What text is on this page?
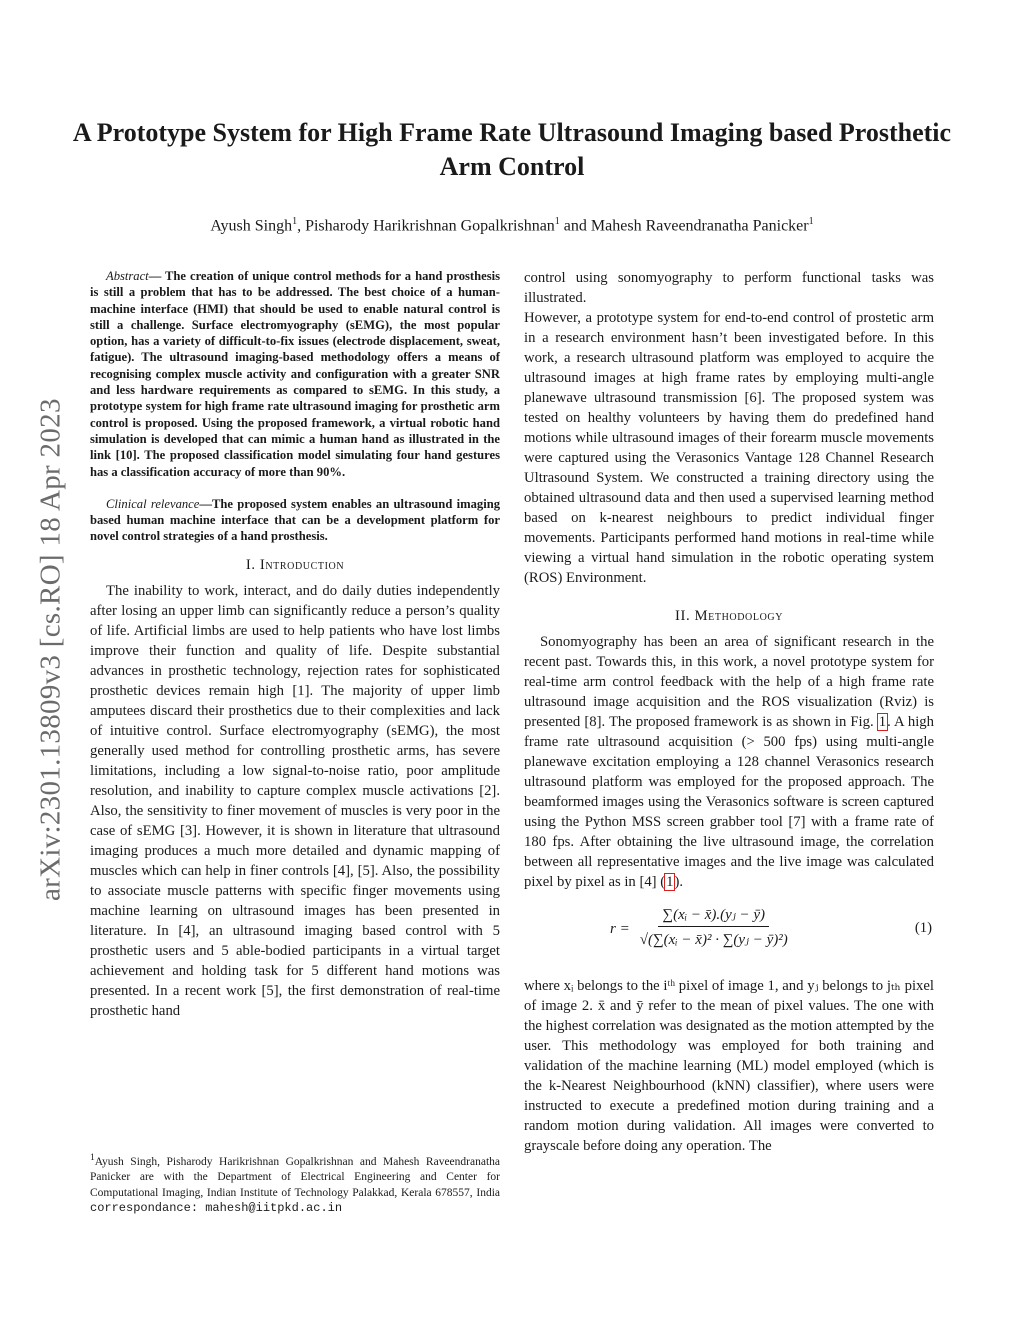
arXiv:2301.13809v3 [cs.RO] 18 Apr 2023
A Prototype System for High Frame Rate Ultrasound Imaging based Prosthetic Arm Control

Ayush Singh$^1$, Pisharody Harikrishnan Gopalkrishnan$^1$ and Mahesh Raveendranatha Panicker$^1$

Abstract— The creation of unique control methods for a hand prosthesis is still a problem that has to be addressed. The best choice of a human-machine interface (HMI) that should be used to enable natural control is still a challenge. Surface electromyography (sEMG), the most popular option, has a variety of difficult-to-fix issues (electrode displacement, sweat, fatigue). The ultrasound imaging-based methodology offers a means of recognising complex muscle activity and configuration with a greater SNR and less hardware requirements as compared to sEMG. In this study, a prototype system for high frame rate ultrasound imaging for prosthetic arm control is proposed. Using the proposed framework, a virtual robotic hand simulation is developed that can mimic a human hand as illustrated in the link [10]. The proposed classification model simulating four hand gestures has a classification accuracy of more than 90%.

Clinical relevance—The proposed system enables an ultrasound imaging based human machine interface that can be a development platform for novel control strategies of a hand prosthesis.

I. Introduction

The inability to work, interact, and do daily duties independently after losing an upper limb can significantly reduce a person’s quality of life. Artificial limbs are used to help patients who have lost limbs improve their function and quality of life. Despite substantial advances in prosthetic technology, rejection rates for sophisticated prosthetic devices remain high [1]. The majority of upper limb amputees discard their prosthetics due to their complexities and lack of intuitive control. Surface electromyography (sEMG), the most generally used method for controlling prosthetic arms, has severe limitations, including a low signal-to-noise ratio, poor amplitude resolution, and inability to capture complex muscle activations [2]. Also, the sensitivity to finer movement of muscles is very poor in the case of sEMG [3]. However, it is shown in literature that ultrasound imaging produces a much more detailed and dynamic mapping of muscles which can help in finer controls [4], [5]. Also, the possibility to associate muscle patterns with specific finger movements using machine learning on ultrasound images has been presented in literature. In [4], an ultrasound imaging based control with 5 prosthetic users and 5 able-bodied participants in a virtual target achievement and holding task for 5 different hand motions was presented. In a recent work [5], the first demonstration of real-time prosthetic hand

$^1$Ayush Singh, Pisharody Harikrishnan Gopalkrishnan and Mahesh Raveendranatha Panicker are with the Department of Electrical Engineering and Center for Computational Imaging, Indian Institute of Technology Palakkad, Kerala 678557, India correspondance: mahesh@iitpkd.ac.in

control using sonomyography to perform functional tasks was illustrated.

However, a prototype system for end-to-end control of prostetic arm in a research environment hasn’t been investigated before. In this work, a research ultrasound platform was employed to acquire the ultrasound images at high frame rates by employing multi-angle planewave ultrasound transmission [6]. The proposed system was tested on healthy volunteers by having them do predefined hand motions while ultrasound images of their forearm muscle movements were captured using the Verasonics Vantage 128 Channel Research Ultrasound System. We constructed a training directory using the obtained ultrasound data and then used a supervised learning method based on k-nearest neighbours to predict individual finger movements. Participants performed hand motions in real-time while viewing a virtual hand simulation in the robotic operating system (ROS) Environment.

II. Methodology

Sonomyography has been an area of significant research in the recent past. Towards this, in this work, a novel prototype system for real-time arm control feedback with the help of a high frame rate ultrasound image acquisition and the ROS visualization (Rviz) is presented [8]. The proposed framework is as shown in Fig. 1. A high frame rate ultrasound acquisition (> 500 fps) using multi-angle planewave excitation employing a 128 channel Verasonics research ultrasound platform was employed for the proposed approach. The beamformed images using the Verasonics software is screen captured using the Python MSS screen grabber tool [7] with a frame rate of 180 fps. After obtaining the live ultrasound image, the correlation between all representative images and the live image was calculated pixel by pixel as in [4] (1).

$r = \frac{\text{∑(xᵢ − x̄).(yⱼ − ȳ)}}{\text{√(∑(xᵢ − x̄)² · ∑(yⱼ − ȳ)²)}}$	(1)

where xᵢ belongs to the iᵗʰ pixel of image 1, and yⱼ belongs to jₜₕ pixel of image 2. x̄ and ȳ refer to the mean of pixel values. The one with the highest correlation was designated as the motion attempted by the user. This methodology was employed for both training and validation of the machine learning (ML) model employed (which is the k-Nearest Neighbourhood (kNN) classifier), where users were instructed to execute a predefined motion during training and a random motion during validation. All images were converted to grayscale before doing any operation. The
